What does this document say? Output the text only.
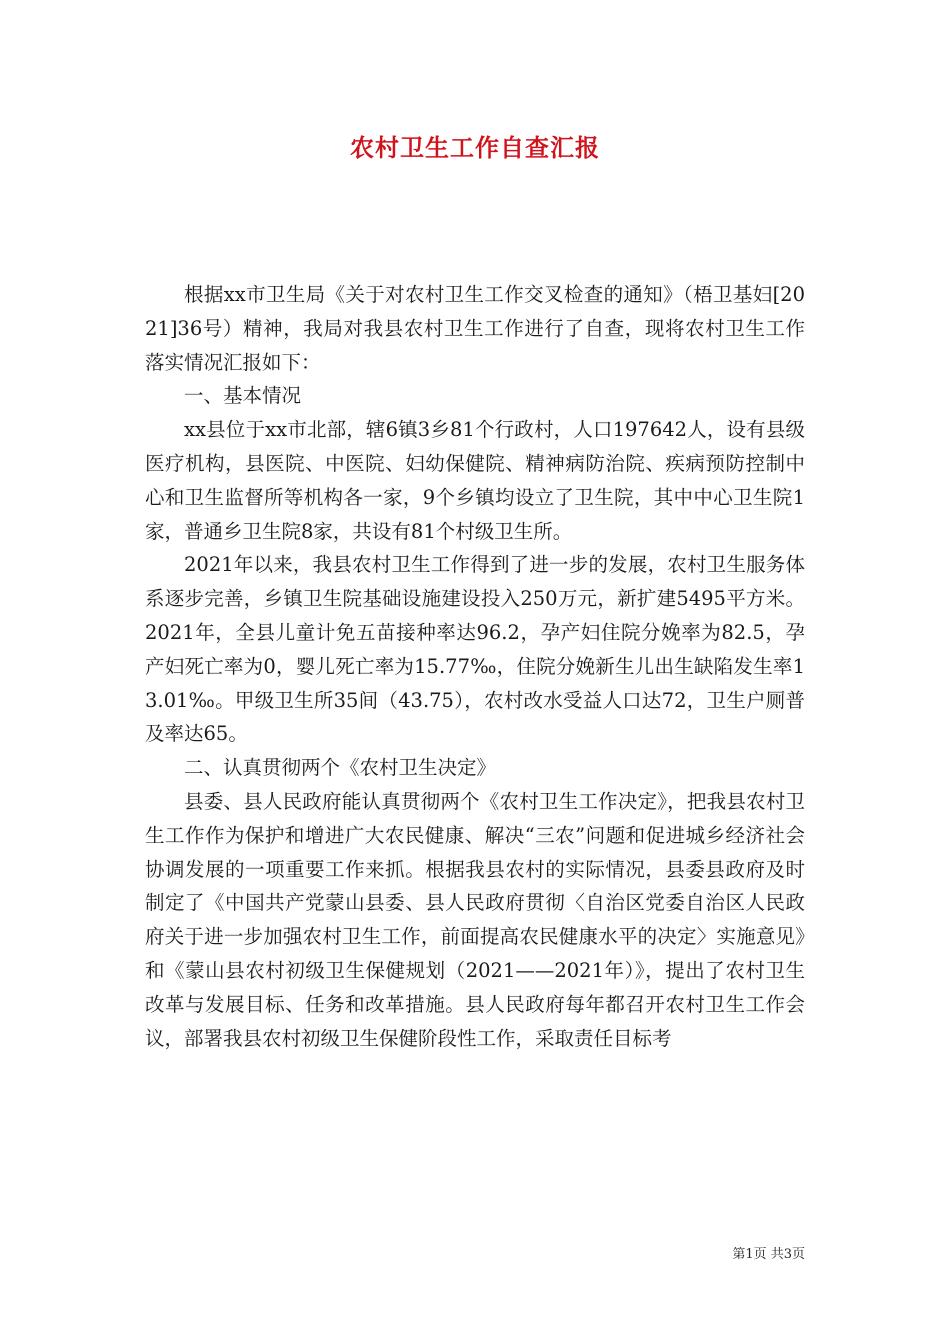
农村卫生工作自查汇报

根据xx市卫生局《关于对农村卫生工作交叉检查的通知》（梧卫基妇[2021]36号）精神，我局对我县农村卫生工作进行了自查，现将农村卫生工作落实情况汇报如下：

一、基本情况

xx县位于xx市北部，辖6镇3乡81个行政村，人口197642人，设有县级医疗机构，县医院、中医院、妇幼保健院、精神病防治院、疾病预防控制中心和卫生监督所等机构各一家，9个乡镇均设立了卫生院，其中中心卫生院1家，普通乡卫生院8家，共设有81个村级卫生所。

2021年以来，我县农村卫生工作得到了进一步的发展，农村卫生服务体系逐步完善，乡镇卫生院基础设施建设投入250万元，新扩建5495平方米。2021年，全县儿童计免五苗接种率达96.2，孕产妇住院分娩率为82.5，孕产妇死亡率为0，婴儿死亡率为15.77‰，住院分娩新生儿出生缺陷发生率13.01‰。甲级卫生所35间（43.75），农村改水受益人口达72，卫生户厕普及率达65。

二、认真贯彻两个《农村卫生决定》

县委、县人民政府能认真贯彻两个《农村卫生工作决定》，把我县农村卫生工作作为保护和增进广大农民健康、解决“三农”问题和促进城乡经济社会协调发展的一项重要工作来抓。根据我县农村的实际情况，县委县政府及时制定了《中国共产党蒙山县委、县人民政府贯彻〈自治区党委自治区人民政府关于进一步加强农村卫生工作，前面提高农民健康水平的决定〉实施意见》和《蒙山县农村初级卫生保健规划（2021——2021年）》，提出了农村卫生改革与发展目标、任务和改革措施。县人民政府每年都召开农村卫生工作会议，部署我县农村初级卫生保健阶段性工作，采取责任目标考

第1页 共3页
